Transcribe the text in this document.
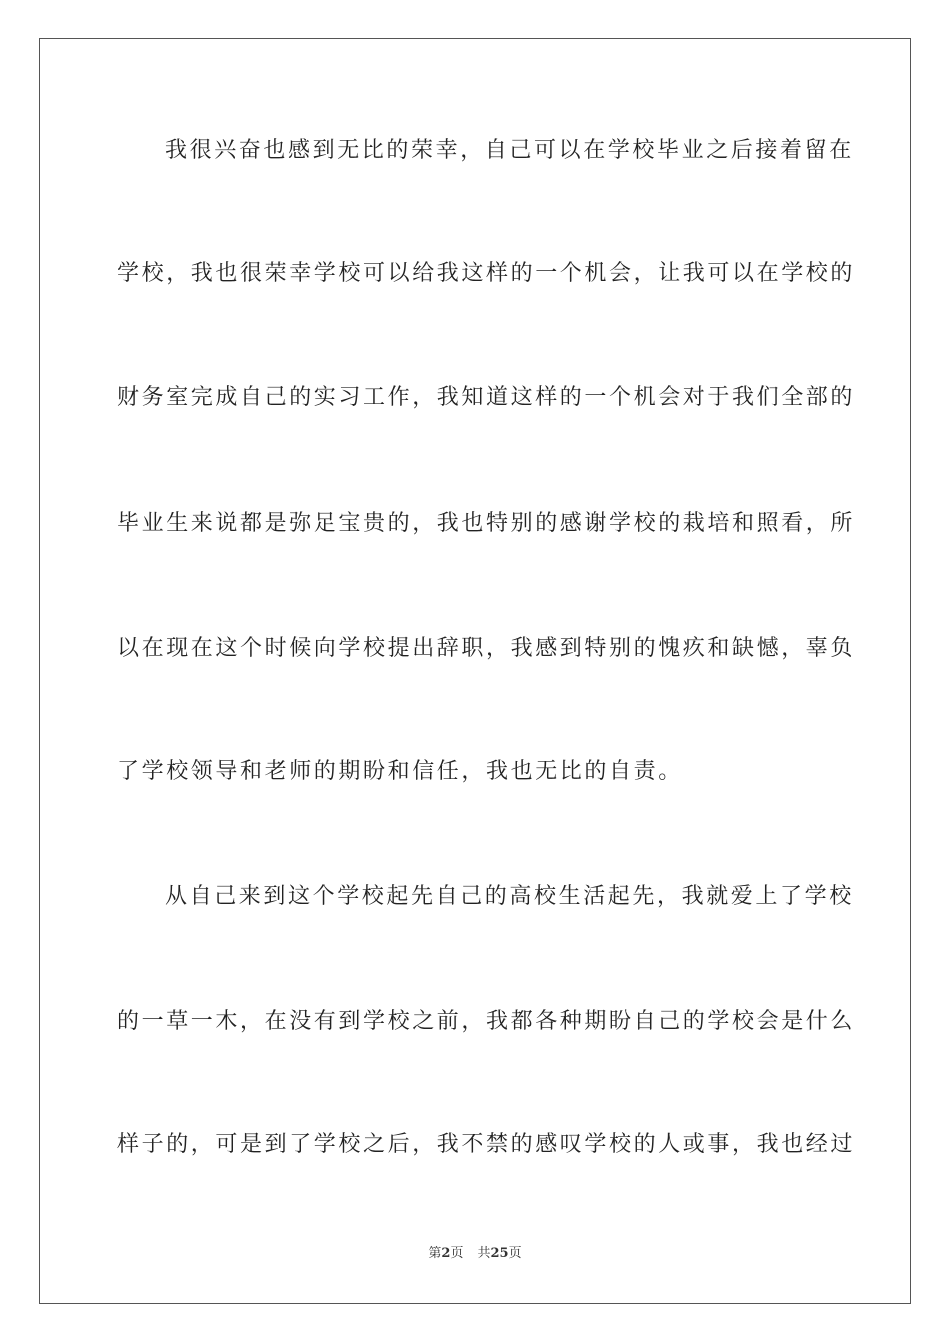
我很兴奋也感到无比的荣幸，自己可以在学校毕业之后接着留在
学校，我也很荣幸学校可以给我这样的一个机会，让我可以在学校的
财务室完成自己的实习工作，我知道这样的一个机会对于我们全部的
毕业生来说都是弥足宝贵的，我也特别的感谢学校的栽培和照看，所
以在现在这个时候向学校提出辞职，我感到特别的愧疚和缺憾，辜负
了学校领导和老师的期盼和信任，我也无比的自责。
从自己来到这个学校起先自己的高校生活起先，我就爱上了学校
的一草一木，在没有到学校之前，我都各种期盼自己的学校会是什么
样子的，可是到了学校之后，我不禁的感叹学校的人或事，我也经过
第2页 共25页
